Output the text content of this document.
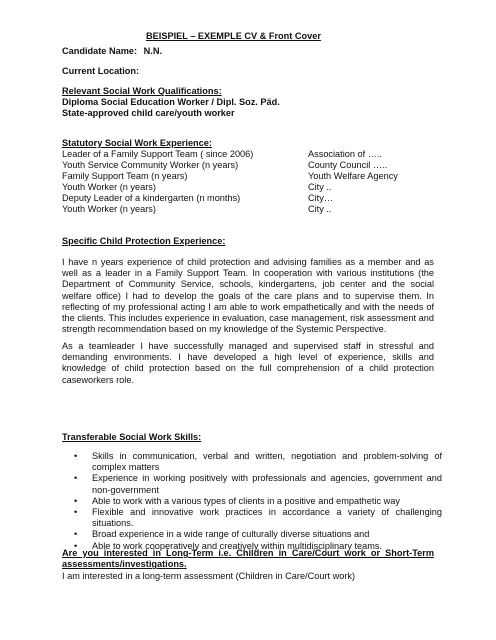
BEISPIEL – EXEMPLE CV & Front Cover
Candidate Name: N.N.
Current Location:
Relevant Social Work Qualifications:
Diploma Social Education Worker / Dipl. Soz. Päd.
State-approved child care/youth worker
Statutory Social Work Experience:
Leader of a Family Support Team ( since 2006)	Association of …..
Youth Service Community Worker (n years)	County Council …..
Family Support Team (n years)	Youth Welfare Agency
Youth Worker (n years)	City ..
Deputy Leader of a kindergarten (n months)	City…
Youth Worker (n years)	City ..
Specific Child Protection Experience:
I have n years experience of child protection and advising families as a member and as well as a leader in a Family Support Team. In cooperation with various institutions (the Department of Community Service, schools, kindergartens, job center and the social welfare office) I had to develop the goals of the care plans and to supervise them. In reflecting of my professional acting I am able to work empathetically and with the needs of the clients. This includes experience in evaluation, case management, risk assessment and strength recommendation based on my knowledge of the Systemic Perspective.
As a teamleader I have successfully managed and supervised staff in stressful and demanding environments. I have developed a high level of experience, skills and knowledge of child protection based on the full comprehension of a child protection caseworkers role.
Transferable Social Work Skills:
• Skills in communication, verbal and written, negotiation and problem-solving of complex matters
• Experience in working positively with professionals and agencies, government and non-government
• Able to work with a various types of clients in a positive and empathetic way
• Flexible and innovative work practices in accordance a variety of challenging situations.
• Broad experience in a wide range of culturally diverse situations and
• Able to work cooperatively and creatively within multidisciplinary teams.
Are you interested in Long-Term i.e. Children in Care/Court work or Short-Term assessments/investigations.
I am interested in a long-term assessment (Children in Care/Court work)
